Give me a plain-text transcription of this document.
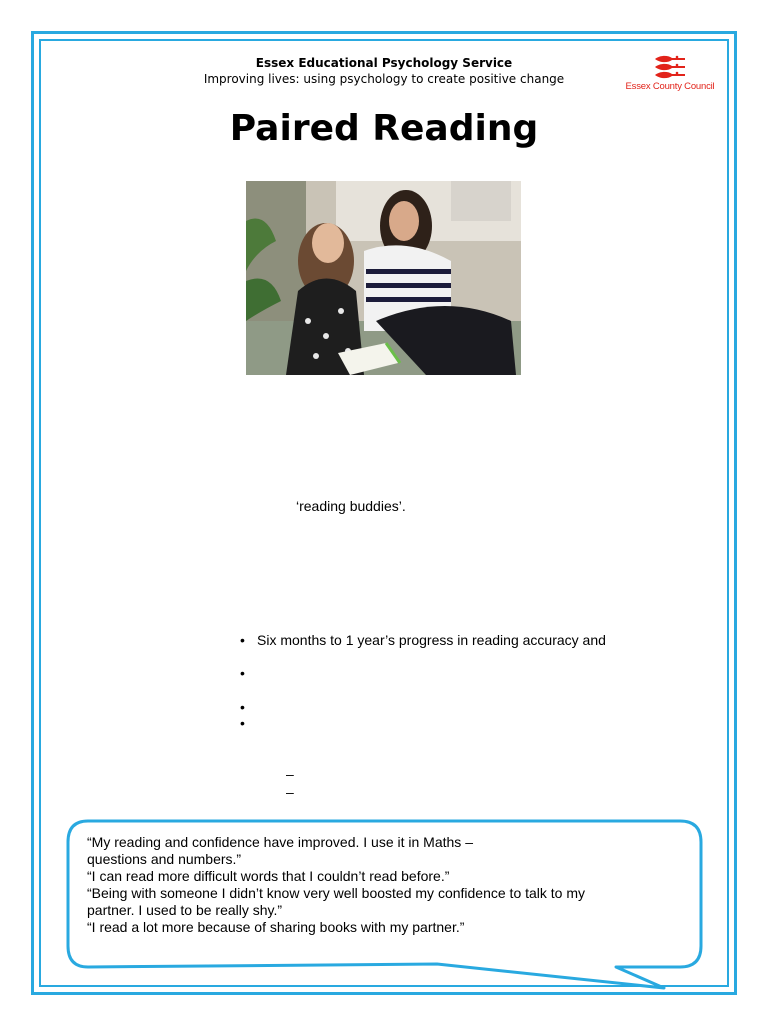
Essex Educational Psychology Service
Improving lives: using psychology to create positive change
Essex County Council
Paired Reading
‘reading buddies’.
• Six months to 1 year’s progress in reading accuracy and
•
•
•
–
–
“My reading and confidence have improved. I use it in Maths –
questions and numbers.”
“I can read more difficult words that I couldn’t read before.”
“Being with someone I didn’t know very well boosted my confidence to talk to my
partner. I used to be really shy.”
“I read a lot more because of sharing books with my partner.”
